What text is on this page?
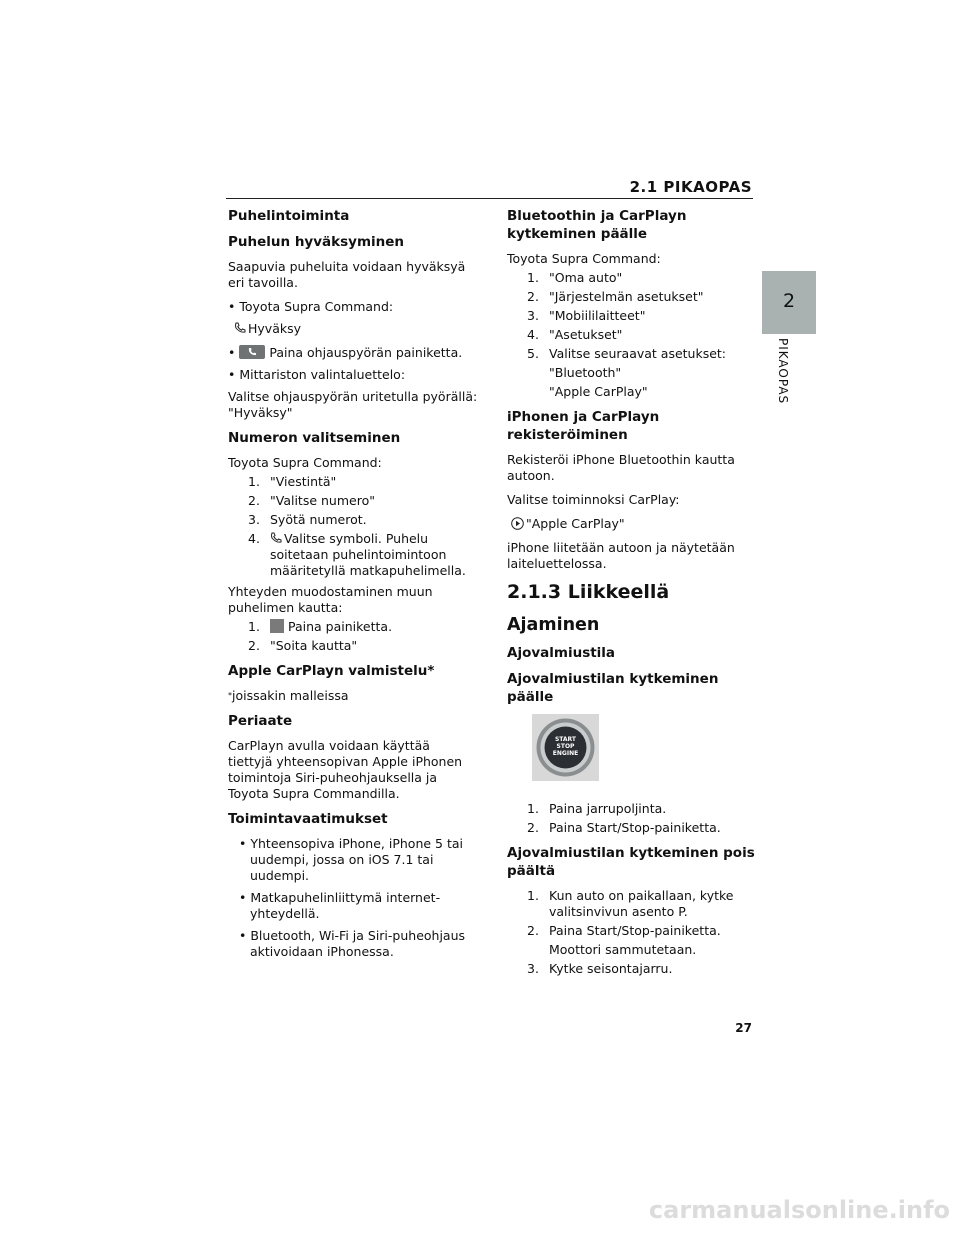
2.1 PIKAOPAS
2
PIKAOPAS
Puhelintoiminta
Puhelun hyväksyminen
Saapuvia puheluita voidaan hyväksyä eri tavoilla.
• Toyota Supra Command:
Hyväksy
•
Paina ohjauspyörän painiketta.
• Mittariston valintaluettelo:
Valitse ohjauspyörän uritetulla pyörällä: "Hyväksy"
Numeron valitseminen
Toyota Supra Command:
1. "Viestintä"
2. "Valitse numero"
3. Syötä numerot.
4. Valitse symboli. Puhelu soitetaan puhelintoimintoon määritetyllä matkapuhelimella.
Yhteyden muodostaminen muun puhelimen kautta:
1. Paina painiketta.
2. "Soita kautta"
Apple CarPlayn valmistelu*
*joissakin malleissa
Periaate
CarPlayn avulla voidaan käyttää tiettyjä yhteensopivan Apple iPhonen toimintoja Siri-puheohjauksella ja Toyota Supra Commandilla.
Toimintavaatimukset
• Yhteensopiva iPhone, iPhone 5 tai uudempi, jossa on iOS 7.1 tai uudempi.
• Matkapuhelinliittymä internet-yhteydellä.
• Bluetooth, Wi-Fi ja Siri-puheohjaus aktivoidaan iPhonessa.
Bluetoothin ja CarPlayn kytkeminen päälle
Toyota Supra Command:
1. "Oma auto"
2. "Järjestelmän asetukset"
3. "Mobiililaitteet"
4. "Asetukset"
5. Valitse seuraavat asetukset:
"Bluetooth"
"Apple CarPlay"
iPhonen ja CarPlayn rekisteröiminen
Rekisteröi iPhone Bluetoothin kautta autoon.
Valitse toiminnoksi CarPlay:
"Apple CarPlay"
iPhone liitetään autoon ja näytetään laiteluettelossa.
2.1.3 Liikkeellä
Ajaminen
Ajovalmiustila
Ajovalmiustilan kytkeminen päälle
START
STOP
ENGINE
1. Paina jarrupoljinta.
2. Paina Start/Stop-painiketta.
Ajovalmiustilan kytkeminen pois päältä
1. Kun auto on paikallaan, kytke valitsinvivun asento P.
2. Paina Start/Stop-painiketta.
Moottori sammutetaan.
3. Kytke seisontajarru.
27
carmanualsonline.info
